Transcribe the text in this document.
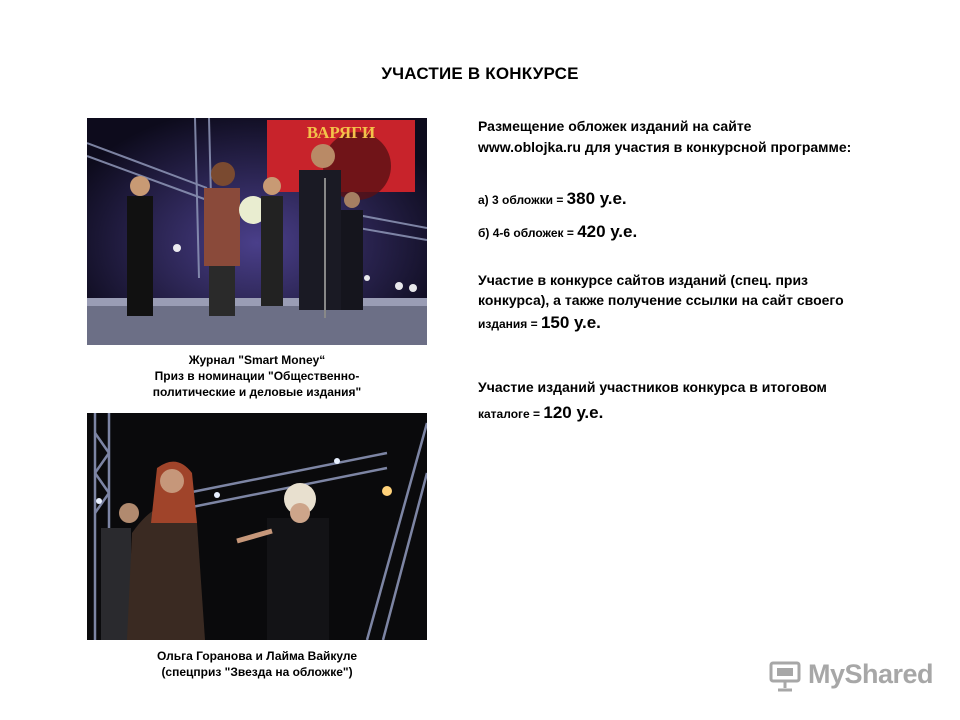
УЧАСТИЕ В КОНКУРСЕ
ВАРЯГИ
Журнал "Smart Money“
Приз в номинации "Общественно-
политические и деловые издания"
Ольга Горанова и Лайма Вайкуле
(спецприз "Звезда на обложке")

Размещение обложек изданий на сайте

www.oblojka.ru для участия в конкурсной программе:

а) 3 обложки = 380 у.е.

б) 4-6 обложек = 420 у.е.

Участие в конкурсе сайтов изданий (спец. приз

конкурса), а также получение ссылки на сайт своего

издания = 150 у.е.

Участие изданий участников конкурса в итоговом

каталоге = 120 у.е.

MyShared
